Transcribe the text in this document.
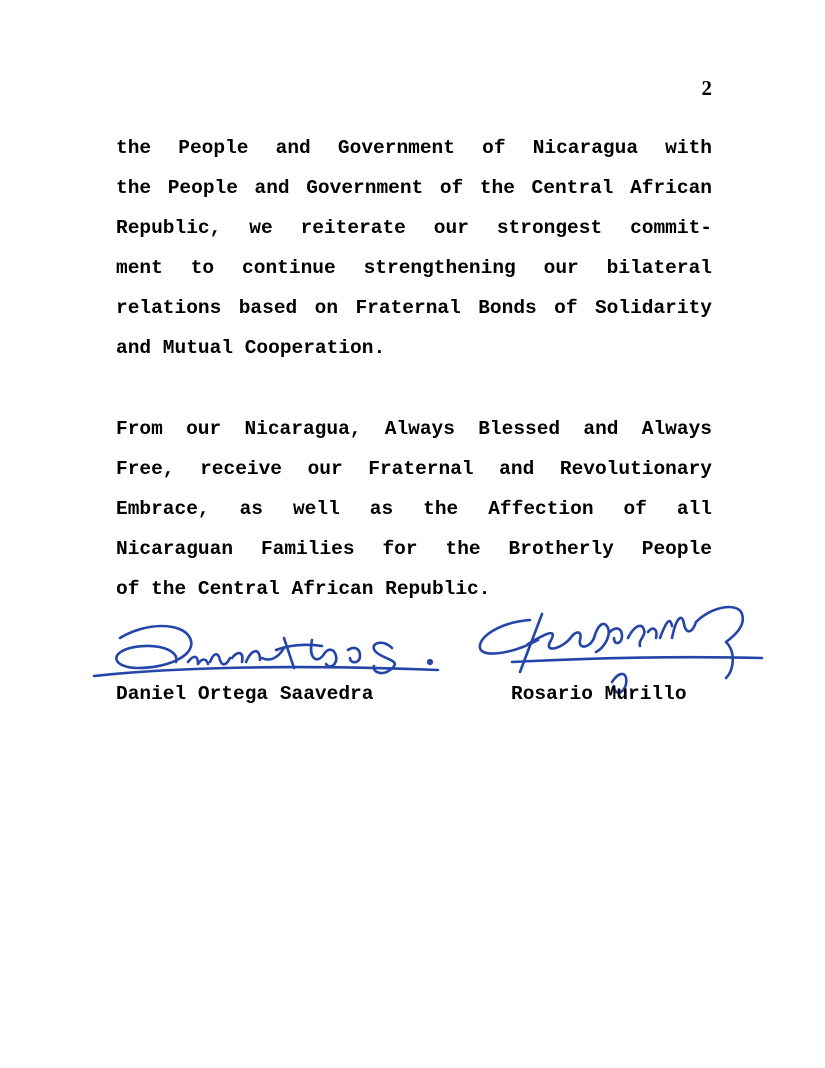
2
the People and Government of Nicaragua with
the People and Government of the Central African
Republic, we reiterate our strongest commit-
ment to continue strengthening our bilateral
relations based on Fraternal Bonds of Solidarity
and Mutual Cooperation.
From our Nicaragua, Always Blessed and Always
Free, receive our Fraternal and Revolutionary
Embrace, as well as the Affection of all
Nicaraguan Families for the Brotherly People
of the Central African Republic.
Daniel Ortega Saavedra	Rosario Murillo
